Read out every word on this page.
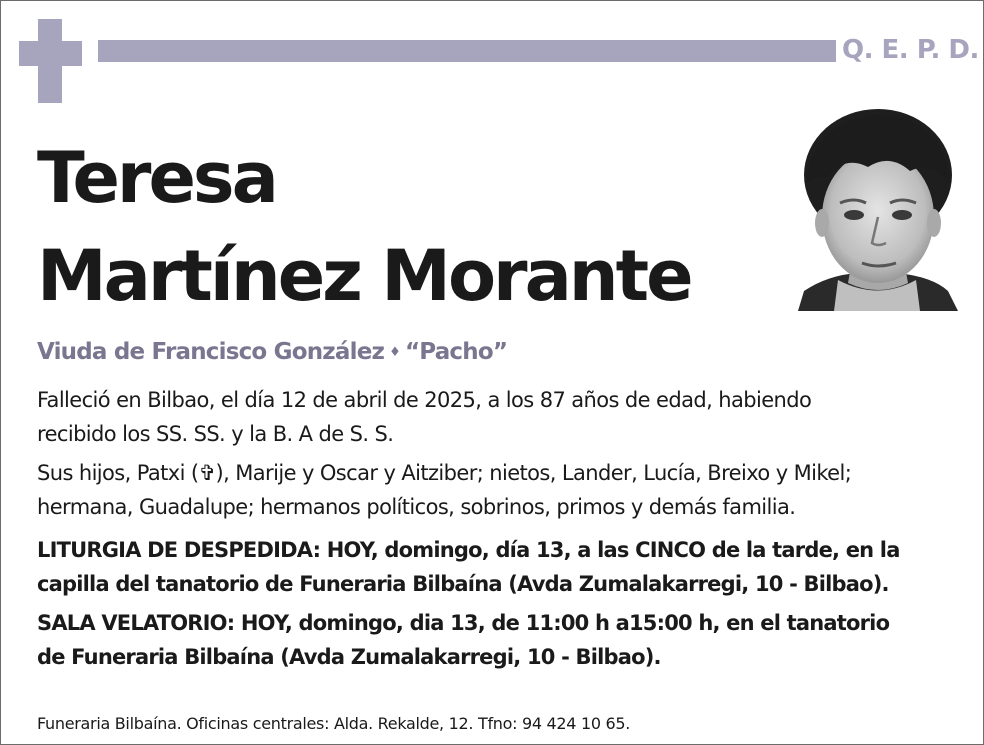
Q. E. P. D.
Teresa
Martínez Morante
Viuda de Francisco González ♦ “Pacho”
Falleció en Bilbao, el día 12 de abril de 2025, a los 87 años de edad, habiendo
recibido los SS. SS. y la B. A de S. S.
Sus hijos, Patxi (✞), Marije y Oscar y Aitziber; nietos, Lander, Lucía, Breixo y Mikel;
hermana, Guadalupe; hermanos políticos, sobrinos, primos y demás familia.
LITURGIA DE DESPEDIDA: HOY, domingo, día 13, a las CINCO de la tarde, en la
capilla del tanatorio de Funeraria Bilbaína (Avda Zumalakarregi, 10 - Bilbao).
SALA VELATORIO: HOY, domingo, dia 13, de 11:00 h a15:00 h, en el tanatorio
de Funeraria Bilbaína (Avda Zumalakarregi, 10 - Bilbao).
Funeraria Bilbaína. Oficinas centrales: Alda. Rekalde, 12. Tfno: 94 424 10 65.
